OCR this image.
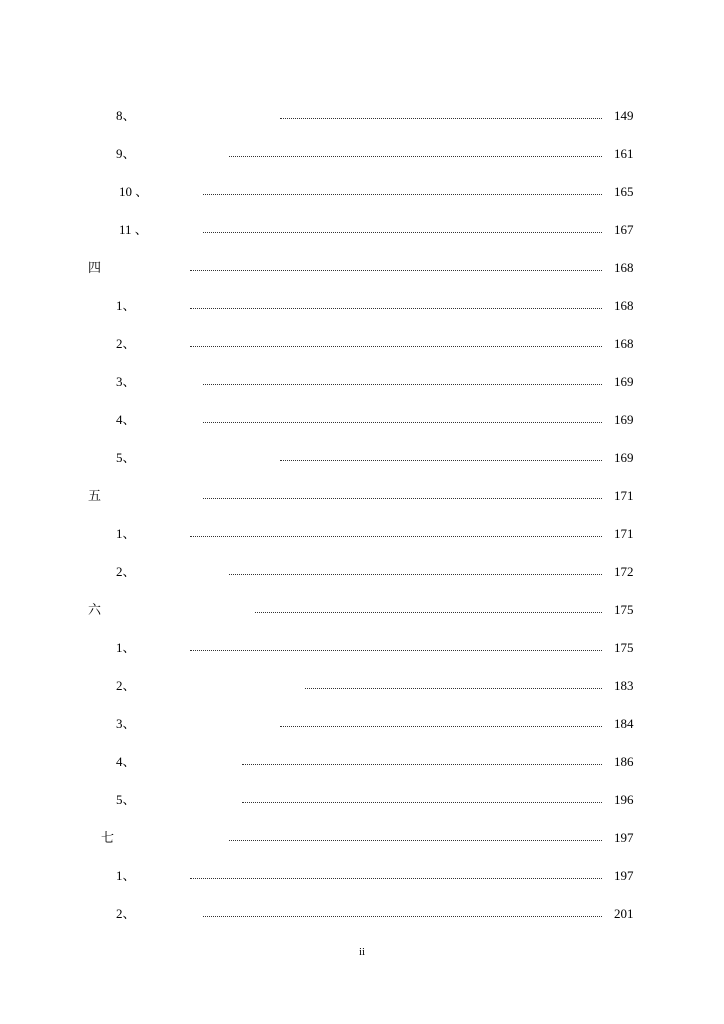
8、	149
9、	161
10 、	165
11 、	167
四	168
1、	168
2、	168
3、	169
4、	169
5、	169
五	171
1、	171
2、	172
六	175
1、	175
2、	183
3、	184
4、	186
5、	196
七	197
1、	197
2、	201
ii
